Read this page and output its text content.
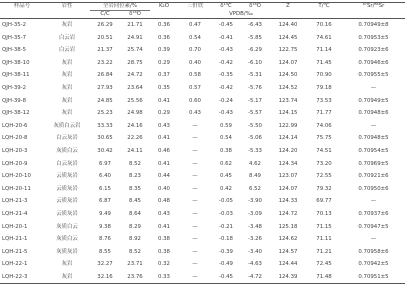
样品号	岩性	全岩同位素/%		K₂O	三价铁	δ¹³C	δ¹⁸O	Z	T/℃	⁸⁷Sr/⁸⁶Sr
		C/C	δ¹⁸O			VPDB/‰				
QJH-35-2	灰岩	26.29	21.71	0.36	0.47	-0.45	-6.43	124.40	70.16	0.70949±8
QJH-35-7	白云岩	20.51	24.91	0.36	0.54	-0.41	-5.85	124.45	74.61	0.70953±5
QJH-38-5	白云岩	21.37	25.74	0.39	0.70	-0.43	-6.29	122.75	71.14	0.70923±6
QJH-38-10	灰岩	23.22	28.75	0.29	0.40	-0.42	-6.10	124.07	71.45	0.70946±6
QJH-38-11	灰岩	26.84	24.72	0.37	0.58	-0.35	-5.31	124.50	70.90	0.70955±5
QJH-39-2	灰岩	27.93	23.64	0.35	0.57	-0.42	-5.76	124.52	79.18	—
QJH-39-8	灰岩	24.85	25.56	0.41	0.60	-0.24	-5.17	123.74	73.53	0.70949±5
QJH-38-12	灰岩	25.23	24.98	0.29	0.43	-0.43	-5.57	124.15	71.77	0.70948±6
LQH-20-6	灰质白云岩	33.33	24.16	0.43	—	0.59	-5.50	122.99	74.06	—
LQH-20-8	白云灰岩	30.65	22.26	0.41	—	0.54	-5.06	124.14	75.75	0.70948±5
LQH-20-3	灰质白云	30.42	24.11	0.46	—	0.38	-5.33	124.20	74.51	0.70954±5
LQH-20-9	白云灰岩	6.97	8.52	0.41	—	0.62	4.62	124.34	73.20	0.70969±5
LQH-20-10	云质灰岩	6.40	8.23	0.44	—	0.45	8.49	123.07	72.55	0.70921±6
LQH-20-11	云质灰岩	6.15	8.35	0.40	—	0.42	6.52	124.07	79.32	0.70950±6
LQH-21-3	云质灰岩	6.87	8.45	0.48	—	-0.05	-3.90	124.33	69.77	—
LQH-21-4	云质灰岩	9.49	8.64	0.43	—	-0.03	-3.09	124.72	70.13	0.70937±6
LQH-20-1	灰质白云	9.38	8.29	0.41	—	-0.21	-3.48	125.18	71.15	0.70947±5
LQH-21-1	灰质白云	8.76	8.92	0.38	—	-0.18	-3.26	124.62	71.11	—
LQH-21-5	灰质灰岩	8.55	8.52	0.38	—	-0.39	-3.40	124.57	71.21	0.70958±6
LQH-22-1	灰岩	32.27	23.71	0.32	—	-0.49	-4.63	124.44	72.45	0.70942±5
LQH-22-3	灰岩	32.16	23.76	0.33	—	-0.45	-4.72	124.39	71.48	0.70951±5
